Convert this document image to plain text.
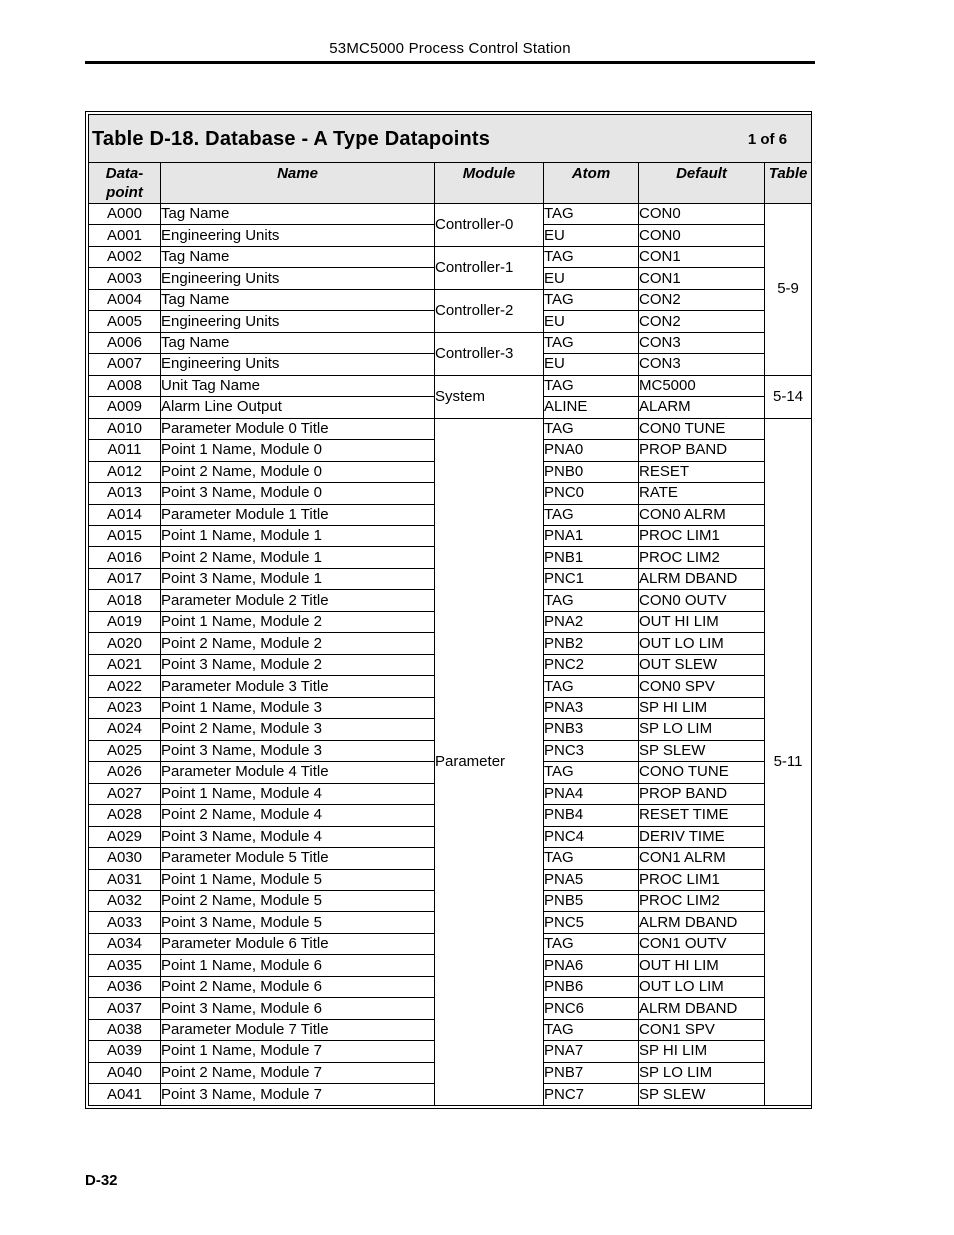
53MC5000 Process Control Station
Table D-18. Database - A Type Datapoints 1 of 6					

Data-
point	Name	Module	Atom	Default	Table
A000	Tag Name	Controller-0	TAG	CON0	5-9
A001	Engineering Units		EU	CON0	
A002	Tag Name	Controller-1	TAG	CON1	
A003	Engineering Units		EU	CON1	
A004	Tag Name	Controller-2	TAG	CON2	
A005	Engineering Units		EU	CON2	
A006	Tag Name	Controller-3	TAG	CON3	
A007	Engineering Units		EU	CON3	
A008	Unit Tag Name	System	TAG	MC5000	5-14
A009	Alarm Line Output		ALINE	ALARM	
A010	Parameter Module 0 Title	Parameter	TAG	CON0 TUNE	5-11
A011	Point 1 Name, Module 0		PNA0	PROP BAND	
A012	Point 2 Name, Module 0		PNB0	RESET	
A013	Point 3 Name, Module 0		PNC0	RATE	
A014	Parameter Module 1 Title		TAG	CON0 ALRM	
A015	Point 1 Name, Module 1		PNA1	PROC LIM1	
A016	Point 2 Name, Module 1		PNB1	PROC LIM2	
A017	Point 3 Name, Module 1		PNC1	ALRM DBAND	
A018	Parameter Module 2 Title		TAG	CON0 OUTV	
A019	Point 1 Name, Module 2		PNA2	OUT HI LIM	
A020	Point 2 Name, Module 2		PNB2	OUT LO LIM	
A021	Point 3 Name, Module 2		PNC2	OUT SLEW	
A022	Parameter Module 3 Title		TAG	CON0 SPV	
A023	Point 1 Name, Module 3		PNA3	SP HI LIM	
A024	Point 2 Name, Module 3		PNB3	SP LO LIM	
A025	Point 3 Name, Module 3		PNC3	SP SLEW	
A026	Parameter Module 4 Title		TAG	CONO TUNE	
A027	Point 1 Name, Module 4		PNA4	PROP BAND	
A028	Point 2 Name, Module 4		PNB4	RESET TIME	
A029	Point 3 Name, Module 4		PNC4	DERIV TIME	
A030	Parameter Module 5 Title		TAG	CON1 ALRM	
A031	Point 1 Name, Module 5		PNA5	PROC LIM1	
A032	Point 2 Name, Module 5		PNB5	PROC LIM2	
A033	Point 3 Name, Module 5		PNC5	ALRM DBAND	
A034	Parameter Module 6 Title		TAG	CON1 OUTV	
A035	Point 1 Name, Module 6		PNA6	OUT HI LIM	
A036	Point 2 Name, Module 6		PNB6	OUT LO LIM	
A037	Point 3 Name, Module 6		PNC6	ALRM DBAND	
A038	Parameter Module 7 Title		TAG	CON1 SPV	
A039	Point 1 Name, Module 7		PNA7	SP HI LIM	
A040	Point 2 Name, Module 7		PNB7	SP LO LIM	
A041	Point 3 Name, Module 7		PNC7	SP SLEW	
D-32
